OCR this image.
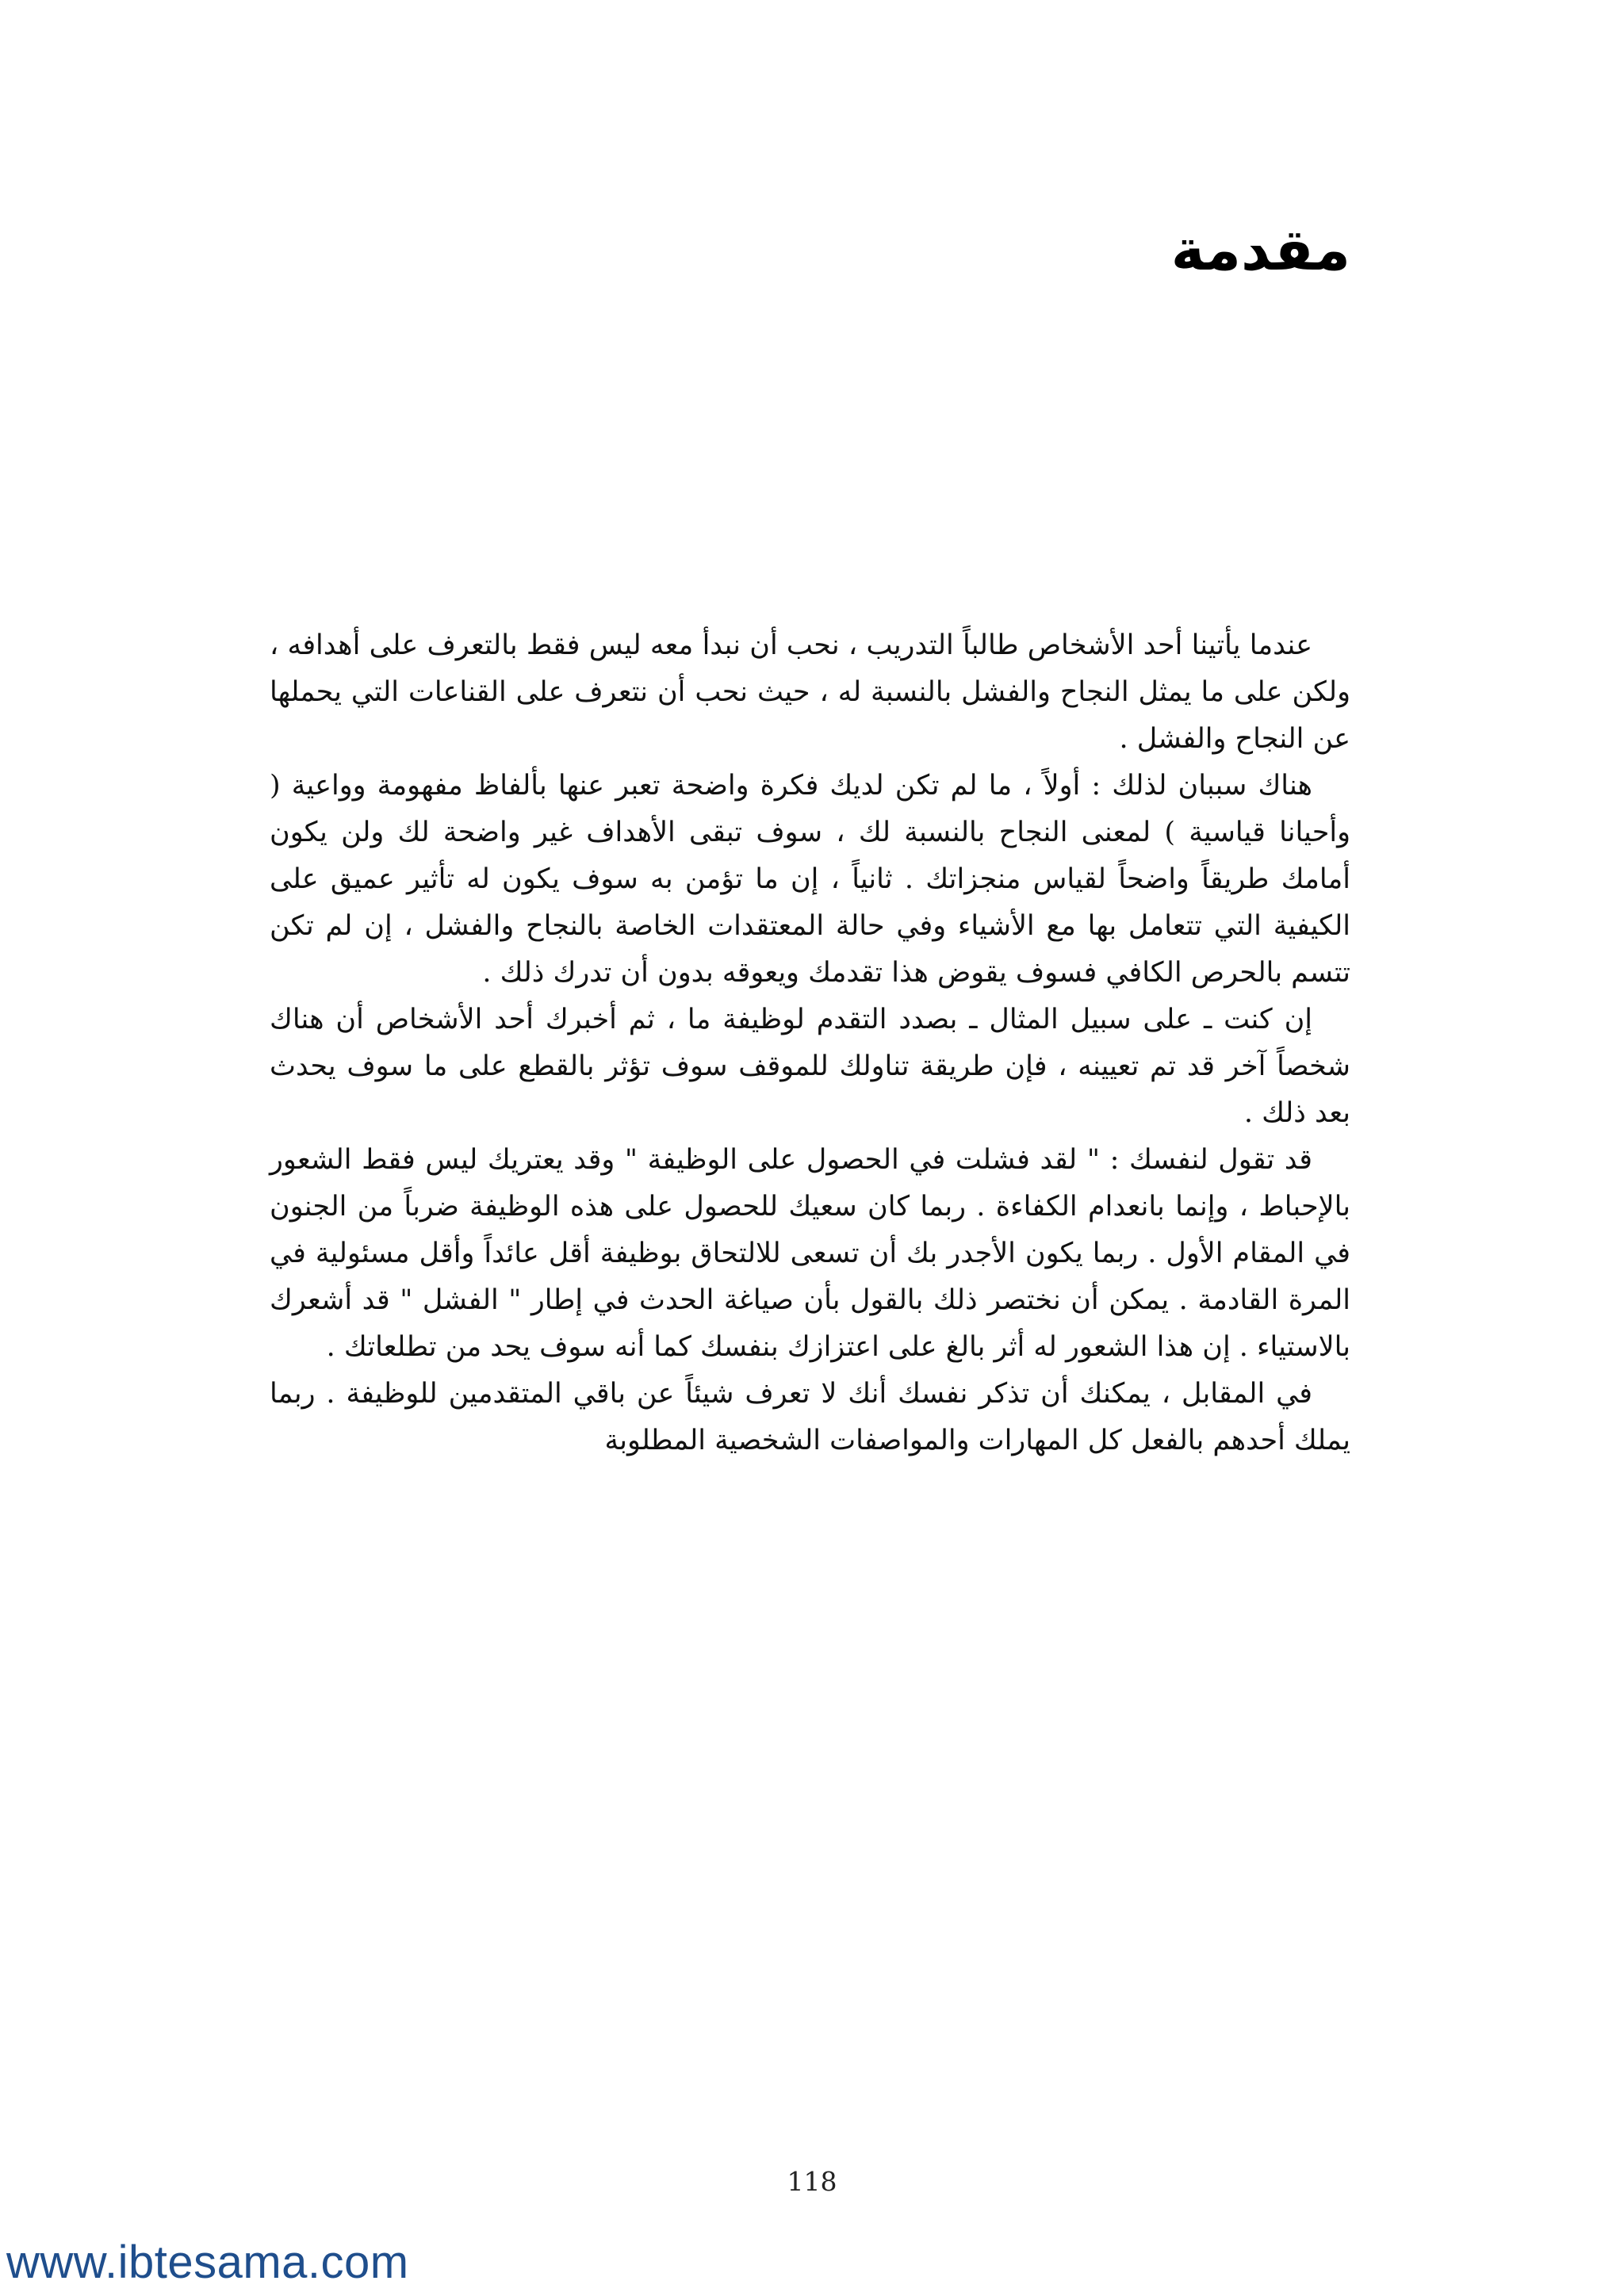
مقدمة

عندما يأتينا أحد الأشخاص طالباً التدريب ، نحب أن نبدأ معه ليس فقط بالتعرف على أهدافه ، ولكن على ما يمثل النجاح والفشل بالنسبة له ، حيث نحب أن نتعرف على القناعات التي يحملها عن النجاح والفشل .

هناك سببان لذلك : أولاً ، ما لم تكن لديك فكرة واضحة تعبر عنها بألفاظ مفهومة وواعية ( وأحيانا قياسية ) لمعنى النجاح بالنسبة لك ، سوف تبقى الأهداف غير واضحة لك ولن يكون أمامك طريقاً واضحاً لقياس منجزاتك . ثانياً ، إن ما تؤمن به سوف يكون له تأثير عميق على الكيفية التي تتعامل بها مع الأشياء وفي حالة المعتقدات الخاصة بالنجاح والفشل ، إن لم تكن تتسم بالحرص الكافي فسوف يقوض هذا تقدمك ويعوقه بدون أن تدرك ذلك .

إن كنت ـ على سبيل المثال ـ بصدد التقدم لوظيفة ما ، ثم أخبرك أحد الأشخاص أن هناك شخصاً آخر قد تم تعيينه ، فإن طريقة تناولك للموقف سوف تؤثر بالقطع على ما سوف يحدث بعد ذلك .

قد تقول لنفسك : " لقد فشلت في الحصول على الوظيفة " وقد يعتريك ليس فقط الشعور بالإحباط ، وإنما بانعدام الكفاءة . ربما كان سعيك للحصول على هذه الوظيفة ضرباً من الجنون في المقام الأول . ربما يكون الأجدر بك أن تسعى للالتحاق بوظيفة أقل عائداً وأقل مسئولية في المرة القادمة . يمكن أن نختصر ذلك بالقول بأن صياغة الحدث في إطار " الفشل " قد أشعرك بالاستياء . إن هذا الشعور له أثر بالغ على اعتزازك بنفسك كما أنه سوف يحد من تطلعاتك .

في المقابل ، يمكنك أن تذكر نفسك أنك لا تعرف شيئاً عن باقي المتقدمين للوظيفة . ربما يملك أحدهم بالفعل كل المهارات والمواصفات الشخصية المطلوبة

118
www.ibtesama.com
